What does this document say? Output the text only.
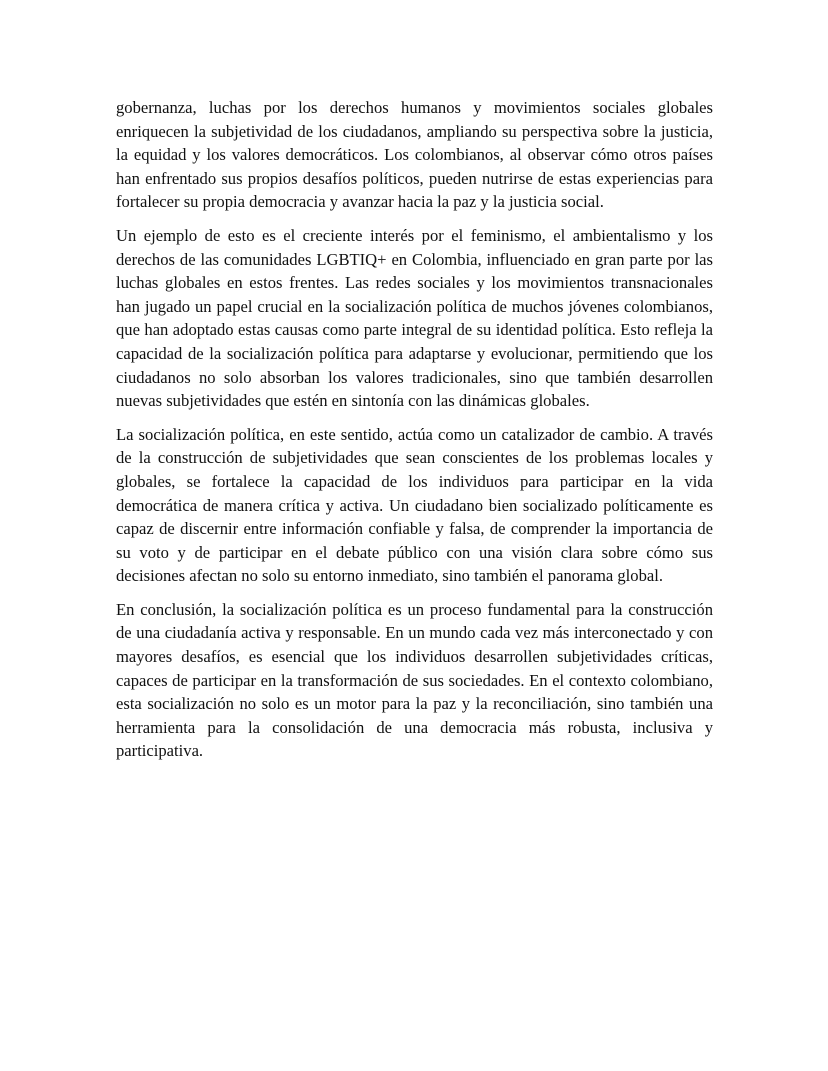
gobernanza, luchas por los derechos humanos y movimientos sociales globales enriquecen la subjetividad de los ciudadanos, ampliando su perspectiva sobre la justicia, la equidad y los valores democráticos. Los colombianos, al observar cómo otros países han enfrentado sus propios desafíos políticos, pueden nutrirse de estas experiencias para fortalecer su propia democracia y avanzar hacia la paz y la justicia social.

Un ejemplo de esto es el creciente interés por el feminismo, el ambientalismo y los derechos de las comunidades LGBTIQ+ en Colombia, influenciado en gran parte por las luchas globales en estos frentes. Las redes sociales y los movimientos transnacionales han jugado un papel crucial en la socialización política de muchos jóvenes colombianos, que han adoptado estas causas como parte integral de su identidad política. Esto refleja la capacidad de la socialización política para adaptarse y evolucionar, permitiendo que los ciudadanos no solo absorban los valores tradicionales, sino que también desarrollen nuevas subjetividades que estén en sintonía con las dinámicas globales.

La socialización política, en este sentido, actúa como un catalizador de cambio. A través de la construcción de subjetividades que sean conscientes de los problemas locales y globales, se fortalece la capacidad de los individuos para participar en la vida democrática de manera crítica y activa. Un ciudadano bien socializado políticamente es capaz de discernir entre información confiable y falsa, de comprender la importancia de su voto y de participar en el debate público con una visión clara sobre cómo sus decisiones afectan no solo su entorno inmediato, sino también el panorama global.

En conclusión, la socialización política es un proceso fundamental para la construcción de una ciudadanía activa y responsable. En un mundo cada vez más interconectado y con mayores desafíos, es esencial que los individuos desarrollen subjetividades críticas, capaces de participar en la transformación de sus sociedades. En el contexto colombiano, esta socialización no solo es un motor para la paz y la reconciliación, sino también una herramienta para la consolidación de una democracia más robusta, inclusiva y participativa.
